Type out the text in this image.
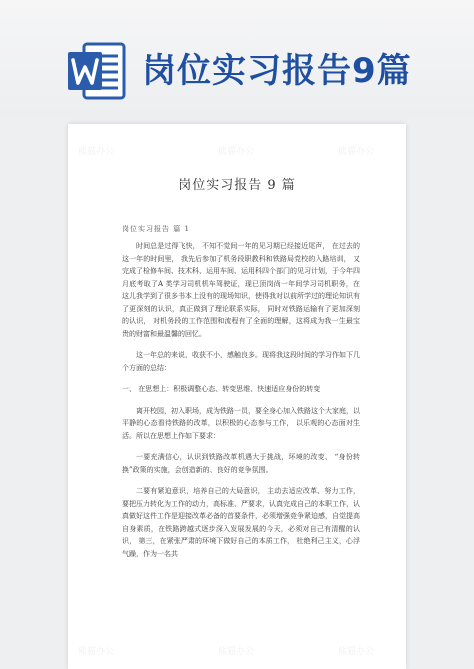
岗位实习报告9篇
熊猫办公	熊猫办公	熊猫办公
熊猫办公	熊猫办公	熊猫办公
岗位实习报告 9 篇
岗位实习报告 篇 1

时间总是过得飞快， 不知不觉间一年的见习期已经接近尾声， 在过去的这一年的时间里， 我先后参加了机务段职教科和铁路局党校的入路培训， 又完成了检修车间、技术科、运用车间、运用科四个部门的见习计划，于今年四月底考取了A 类学习司机机车驾驶证，现已顶岗尚一年间学习司机职务，在这儿我学到了很多书本上没有的现场知识，使得我对以前所学过的理论知识有了更深刻的认识，真正做到了理论联系实际， 同时对铁路运输有了更加深刻的认识， 对机务段的工作范围和流程有了全面的理解，这将成为我一生最宝贵的财富和最温馨的回忆。

这一年总的来说，收获不小，感触良多。现将我这段时间的学习作如下几个方面的总结：

一、 在思想上：积极调整心态、转变思维、快速适应身份的转变

离开校园，初入职场，成为铁路一员，要全身心加入铁路这个大家庭，以平静的心态看待铁路的改革，以积极的心态参与工作， 以乐观的心态面对生活。所以在思想上作如下要求：

一要充满信心，认识到铁路改革机遇大于挑战，环境的改变、 “身份转换”政策的实施，会创造新的、良好的竞争氛围。

二要有紧迫意识，培养自己的大局意识， 主动去适应改革、努力工作， 要把压力转化为工作的动力，高标准、严要求，认真完成自己的本职工作，认真做好这件工作是迎接改革必备的首要条件，必须增强竞争紧迫感，自觉提高自身素质，在铁路跨越式逐步深入发展发展的今天，必须对自己有清醒的认识， 第三，在紧张严肃的环境下做好自己的本质工作， 杜绝利己主义，心浮气躁，作为一名共
